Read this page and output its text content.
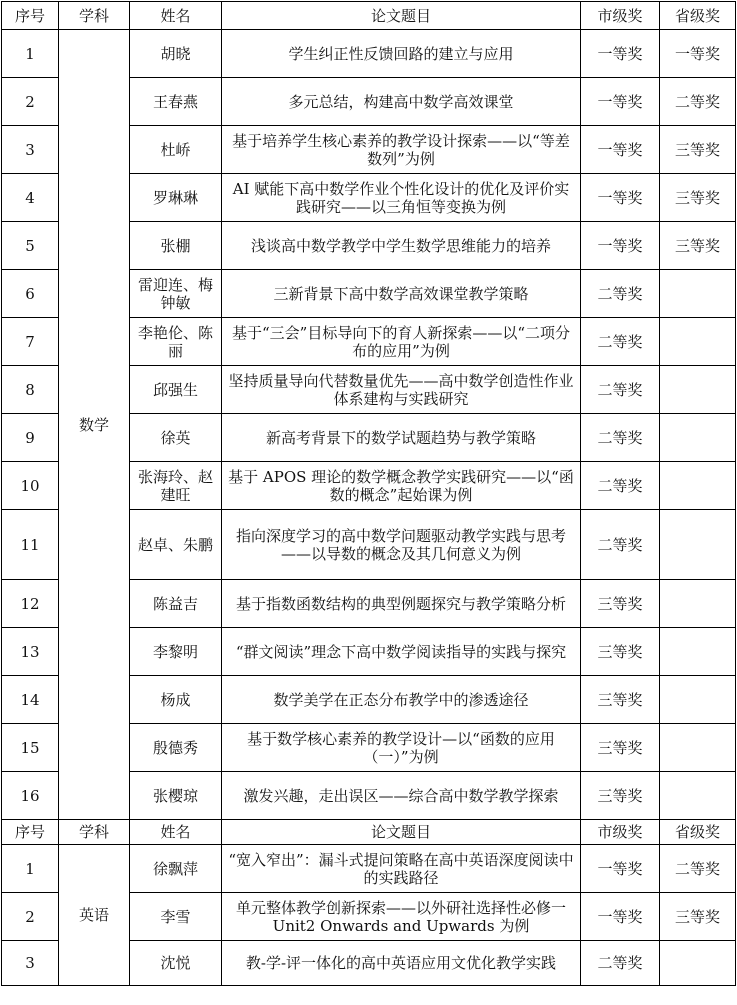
序号	学科	姓名	论文题目	市级奖	省级奖
1	数学	胡晓	学生纠正性反馈回路的建立与应用	一等奖	一等奖
2		王春燕	多元总结，构建高中数学高效课堂	一等奖	二等奖
3		杜峤	基于培养学生核心素养的教学设计探索——以“等差数列”为例	一等奖	三等奖
4		罗琳琳	AI 赋能下高中数学作业个性化设计的优化及评价实践研究——以三角恒等变换为例	一等奖	三等奖
5		张棚	浅谈高中数学教学中学生数学思维能力的培养	一等奖	三等奖
6		雷迎连、梅钟敏	三新背景下高中数学高效课堂教学策略	二等奖	
7		李艳伦、陈丽	基于“三会”目标导向下的育人新探索——以“二项分布的应用”为例	二等奖	
8		邱强生	坚持质量导向代替数量优先——高中数学创造性作业体系建构与实践研究	二等奖	
9		徐英	新高考背景下的数学试题趋势与教学策略	二等奖	
10		张海玲、赵建旺	基于 APOS 理论的数学概念教学实践研究——以“函数的概念”起始课为例	二等奖	
11		赵卓、朱鹏	指向深度学习的高中数学问题驱动教学实践与思考——以导数的概念及其几何意义为例	二等奖	
12		陈益吉	基于指数函数结构的典型例题探究与教学策略分析	三等奖	
13		李黎明	“群文阅读”理念下高中数学阅读指导的实践与探究	三等奖	
14		杨成	数学美学在正态分布教学中的渗透途径	三等奖	
15		殷德秀	基于数学核心素养的教学设计—以“函数的应用（一）”为例	三等奖	
16		张樱琼	激发兴趣，走出误区——综合高中数学教学探索	三等奖	
序号	学科	姓名	论文题目	市级奖	省级奖
1	英语	徐飘萍	“宽入窄出”：漏斗式提问策略在高中英语深度阅读中的实践路径	一等奖	二等奖
2		李雪	单元整体教学创新探索——以外研社选择性必修一 Unit2 Onwards and Upwards 为例	一等奖	三等奖
3		沈悦	教-学-评一体化的高中英语应用文优化教学实践	二等奖	
